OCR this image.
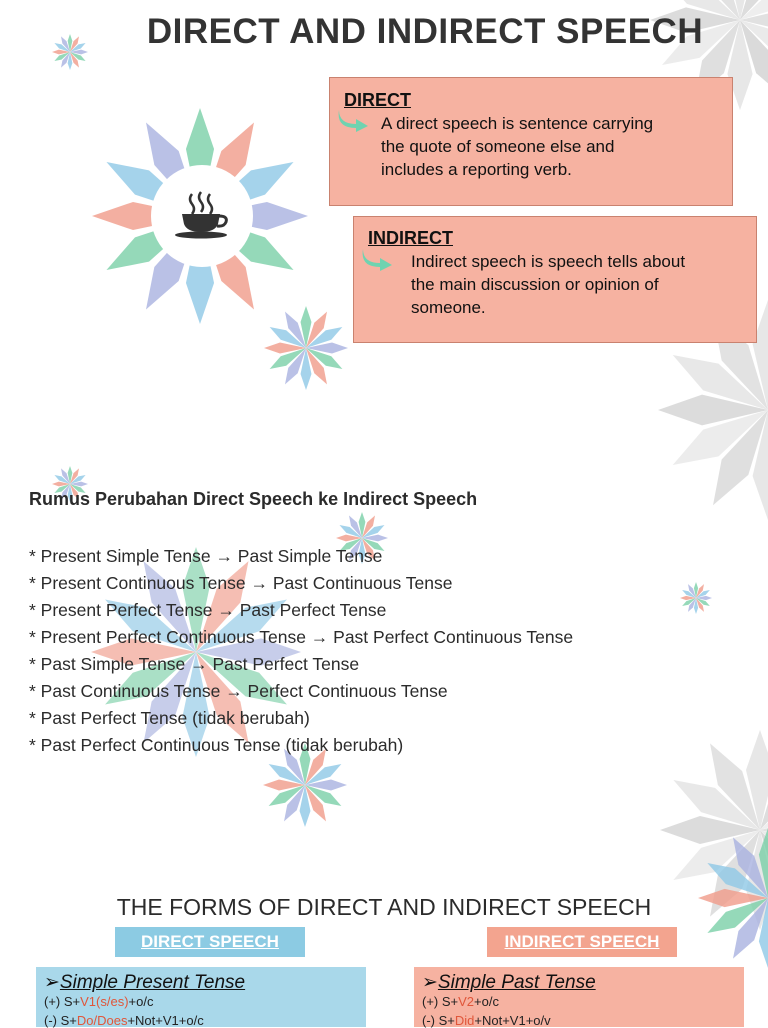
DIRECT AND INDIRECT SPEECH
DIRECT
A direct speech is sentence carrying
the quote of someone else and
includes a reporting verb.
INDIRECT
Indirect speech is speech tells about
the main discussion or opinion of
someone.
Rumus Perubahan Direct Speech ke Indirect Speech
* Present Simple Tense → Past Simple Tense
* Present Continuous Tense → Past Continuous Tense
* Present Perfect Tense → Past Perfect Tense
* Present Perfect Continuous Tense → Past Perfect Continuous Tense
* Past Simple Tense → Past Perfect Tense
* Past Continuous Tense → Perfect Continuous Tense
* Past Perfect Tense (tidak berubah)
* Past Perfect Continuous Tense (tidak berubah)
THE FORMS OF DIRECT AND INDIRECT SPEECH
DIRECT SPEECH	INDIRECT SPEECH
➢Simple Present Tense
(+) S+V1(s/es)+o/c
(-) S+Do/Does+Not+V1+o/c
➢Simple Past Tense
(+) S+V2+o/c
(-) S+Did+Not+V1+o/v
